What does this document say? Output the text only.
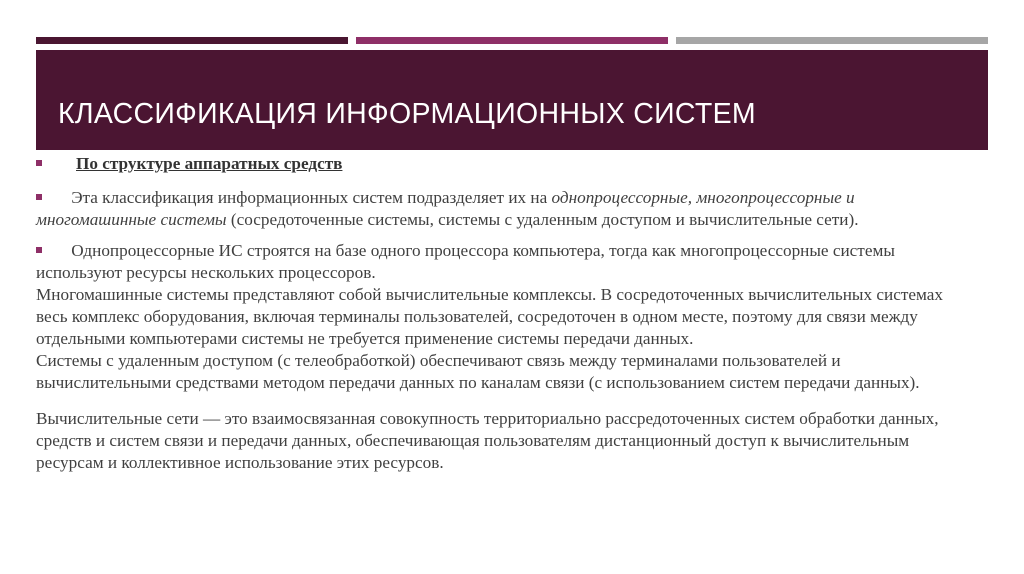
КЛАССИФИКАЦИЯ ИНФОРМАЦИОННЫХ СИСТЕМ

По структуре аппаратных средств

Эта классификация информационных систем подразделяет их на однопроцессорные, многопроцессорные и многомашинные системы (сосредоточенные системы, системы с удаленным доступом и вычислительные сети).

Однопроцессорные ИС строятся на базе одного процессора компьютера, тогда как многопроцессорные системы используют ресурсы нескольких процессоров.
Многомашинные системы представляют собой вычислительные комплексы. В сосредоточенных вычислительных системах весь комплекс оборудования, включая терминалы пользователей, сосредоточен в одном месте, поэтому для связи между отдельными компьютерами системы не требуется применение системы передачи данных.
Системы с удаленным доступом (с телеобработкой) обеспечивают связь между терминалами пользователей и вычислительными средствами методом передачи данных по каналам связи (с использованием систем передачи данных).

Вычислительные сети — это взаимосвязанная совокупность территориально рассредоточенных систем обработки данных, средств и систем связи и передачи данных, обеспечивающая пользователям дистанционный доступ к вычислительным ресурсам и коллективное использование этих ресурсов.
